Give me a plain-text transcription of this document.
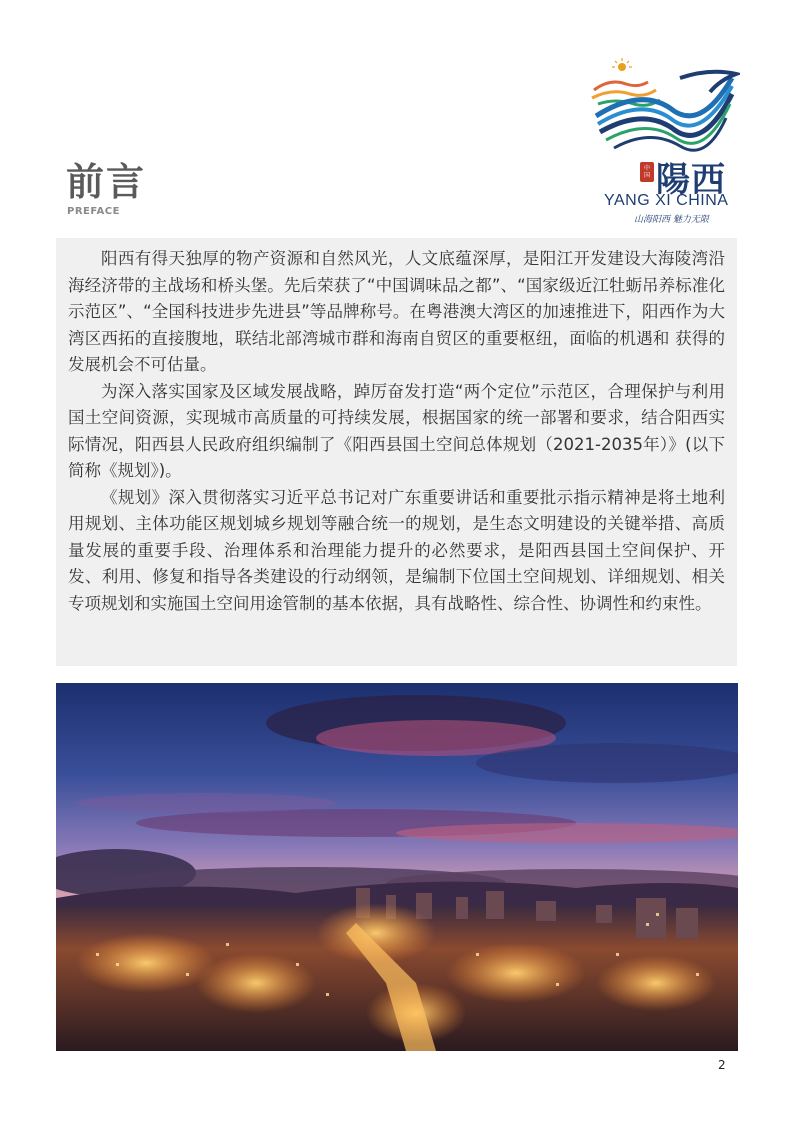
前言
PREFACE
中国 陽西
YANG XI CHINA
山海阳西 魅力无限

阳西有得天独厚的物产资源和自然风光，人文底蕴深厚，是阳江开发建设大海陵湾沿海经济带的主战场和桥头堡。先后荣获了“中国调味品之都”、“国家级近江牡蛎吊养标准化示范区”、“全国科技进步先进县”等品牌称号。在粤港澳大湾区的加速推进下，阳西作为大湾区西拓的直接腹地，联结北部湾城市群和海南自贸区的重要枢纽，面临的机遇和 获得的发展机会不可估量。

为深入落实国家及区域发展战略，踔厉奋发打造“两个定位”示范区，合理保护与利用国土空间资源，实现城市高质量的可持续发展，根据国家的统一部署和要求，结合阳西实际情况，阳西县人民政府组织编制了《阳西县国土空间总体规划（2021-2035年）》(以下简称《规划》)。

《规划》深入贯彻落实习近平总书记对广东重要讲话和重要批示指示精神是将土地利用规划、主体功能区规划城乡规划等融合统一的规划，是生态文明建设的关键举措、高质量发展的重要手段、治理体系和治理能力提升的必然要求，是阳西县国土空间保护、开发、利用、修复和指导各类建设的行动纲领，是编制下位国土空间规划、详细规划、相关专项规划和实施国土空间用途管制的基本依据，具有战略性、综合性、协调性和约束性。

2
